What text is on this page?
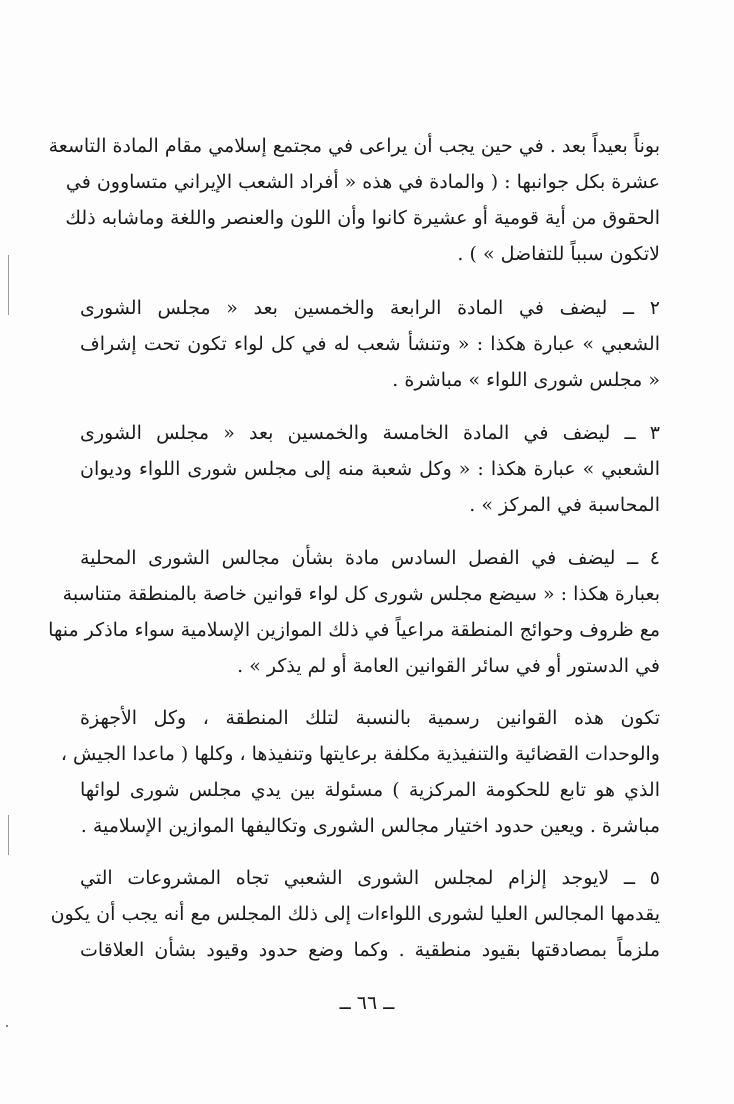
بوناً بعيداً بعد . في حين يجب أن يراعى في مجتمع إسلامي مقام المادة التاسعة
عشرة بكل جوانبها : ( والمادة في هذه « أفراد الشعب الإيراني متساوون في
الحقوق من أية قومية أو عشيرة كانوا وأن اللون والعنصر واللغة وماشابه ذلك
لاتكون سبباً للتفاضل » ) .
٢ ــ ليضف في المادة الرابعة والخمسين بعد « مجلس الشورى
الشعبي » عبارة هكذا : « وتنشأ شعب له في كل لواء تكون تحت إشراف
« مجلس شورى اللواء » مباشرة .
٣ ــ ليضف في المادة الخامسة والخمسين بعد « مجلس الشورى
الشعبي » عبارة هكذا : « وكل شعبة منه إلى مجلس شورى اللواء وديوان
المحاسبة في المركز » .
٤ ــ ليضف في الفصل السادس مادة بشأن مجالس الشورى المحلية
بعبارة هكذا : « سيضع مجلس شورى كل لواء قوانين خاصة بالمنطقة متناسبة
مع ظروف وحوائج المنطقة مراعياً في ذلك الموازين الإسلامية سواء ماذكر منها
في الدستور أو في سائر القوانين العامة أو لم يذكر » .
تكون هذه القوانين رسمية بالنسبة لتلك المنطقة ، وكل الأجهزة
والوحدات القضائية والتنفيذية مكلفة برعايتها وتنفيذها ، وكلها ( ماعدا الجيش ،
الذي هو تابع للحكومة المركزية ) مسئولة بين يدي مجلس شورى لوائها
مباشرة . ويعين حدود اختيار مجالس الشورى وتكاليفها الموازين الإسلامية .
٥ ــ لايوجد إلزام لمجلس الشورى الشعبي تجاه المشروعات التي
يقدمها المجالس العليا لشورى اللواءات إلى ذلك المجلس مع أنه يجب أن يكون
ملزماً بمصادقتها بقيود منطقية . وكما وضع حدود وقيود بشأن العلاقات
ــ ٦٦ ــ
